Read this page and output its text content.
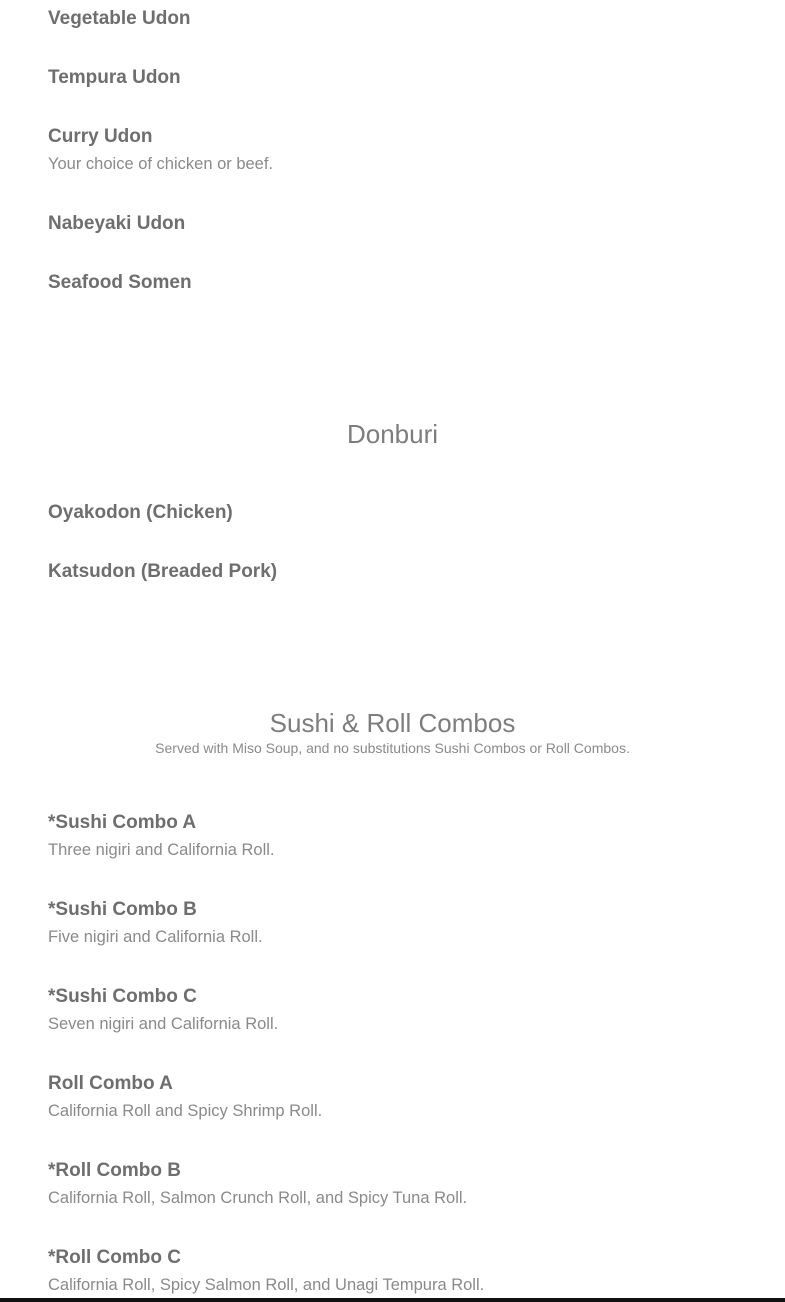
Vegetable Udon
Tempura Udon
Curry Udon
Your choice of chicken or beef.
Nabeyaki Udon
Seafood Somen
Donburi
Oyakodon (Chicken)
Katsudon (Breaded Pork)
Sushi & Roll Combos
Served with Miso Soup, and no substitutions Sushi Combos or Roll Combos.
*Sushi Combo A
Three nigiri and California Roll.
*Sushi Combo B
Five nigiri and California Roll.
*Sushi Combo C
Seven nigiri and California Roll.
Roll Combo A
California Roll and Spicy Shrimp Roll.
*Roll Combo B
California Roll, Salmon Crunch Roll, and Spicy Tuna Roll.
*Roll Combo C
California Roll, Spicy Salmon Roll, and Unagi Tempura Roll.
